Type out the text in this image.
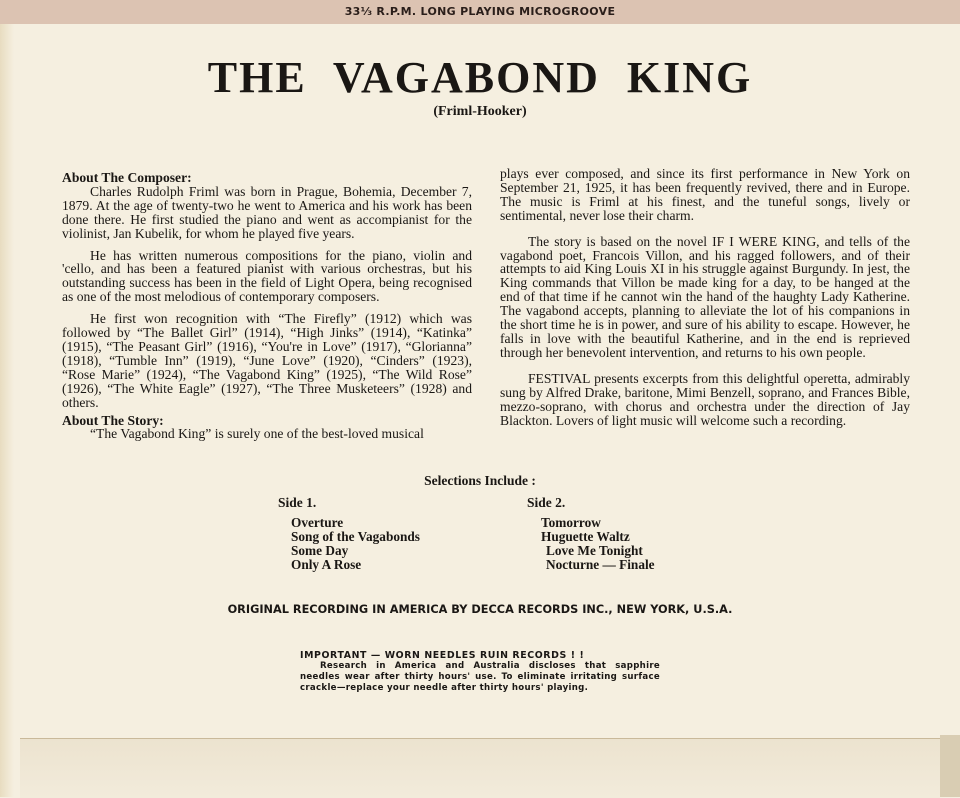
33⅓ R.P.M. LONG PLAYING MICROGROOVE
THE VAGABOND KING
(Friml-Hooker)
About The Composer:

Charles Rudolph Friml was born in Prague, Bohemia, December 7, 1879. At the age of twenty-two he went to America and his work has been done there. He first studied the piano and went as accompianist for the violinist, Jan Kubelik, for whom he played five years.

He has written numerous compositions for the piano, violin and 'cello, and has been a featured pianist with various orchestras, but his outstanding success has been in the field of Light Opera, being recognised as one of the most melodious of contemporary composers.

He first won recognition with “The Firefly” (1912) which was followed by “The Ballet Girl” (1914), “High Jinks” (1914), “Katinka” (1915), “The Peasant Girl” (1916), “You're in Love” (1917), “Glorianna” (1918), “Tumble Inn” (1919), “June Love” (1920), “Cinders” (1923), “Rose Marie” (1924), “The Vagabond King” (1925), “The Wild Rose” (1926), “The White Eagle” (1927), “The Three Musketeers” (1928) and others.

About The Story:

“The Vagabond King” is surely one of the best-loved musical

plays ever composed, and since its first performance in New York on September 21, 1925, it has been frequently revived, there and in Europe. The music is Friml at his finest, and the tuneful songs, lively or sentimental, never lose their charm.

The story is based on the novel IF I WERE KING, and tells of the vagabond poet, Francois Villon, and his ragged followers, and of their attempts to aid King Louis XI in his struggle against Burgundy. In jest, the King commands that Villon be made king for a day, to be hanged at the end of that time if he cannot win the hand of the haughty Lady Katherine. The vagabond accepts, planning to alleviate the lot of his companions in the short time he is in power, and sure of his ability to escape. However, he falls in love with the beautiful Katherine, and in the end is reprieved through her benevolent intervention, and returns to his own people.

FESTIVAL presents excerpts from this delightful operetta, admirably sung by Alfred Drake, baritone, Mimi Benzell, soprano, and Frances Bible, mezzo-soprano, with chorus and orchestra under the direction of Jay Blackton. Lovers of light music will welcome such a recording.

Selections Include :
Side 1.	Side 2.
Overture
Song of the Vagabonds
Some Day
Only A Rose
Tomorrow
Huguette Waltz
Love Me Tonight
Nocturne — Finale
ORIGINAL RECORDING IN AMERICA BY DECCA RECORDS INC., NEW YORK, U.S.A.
IMPORTANT — WORN NEEDLES RUIN RECORDS ! !
Research in America and Australia discloses that sapphire needles wear after thirty hours' use. To eliminate irritating surface crackle—replace your needle after thirty hours' playing.
